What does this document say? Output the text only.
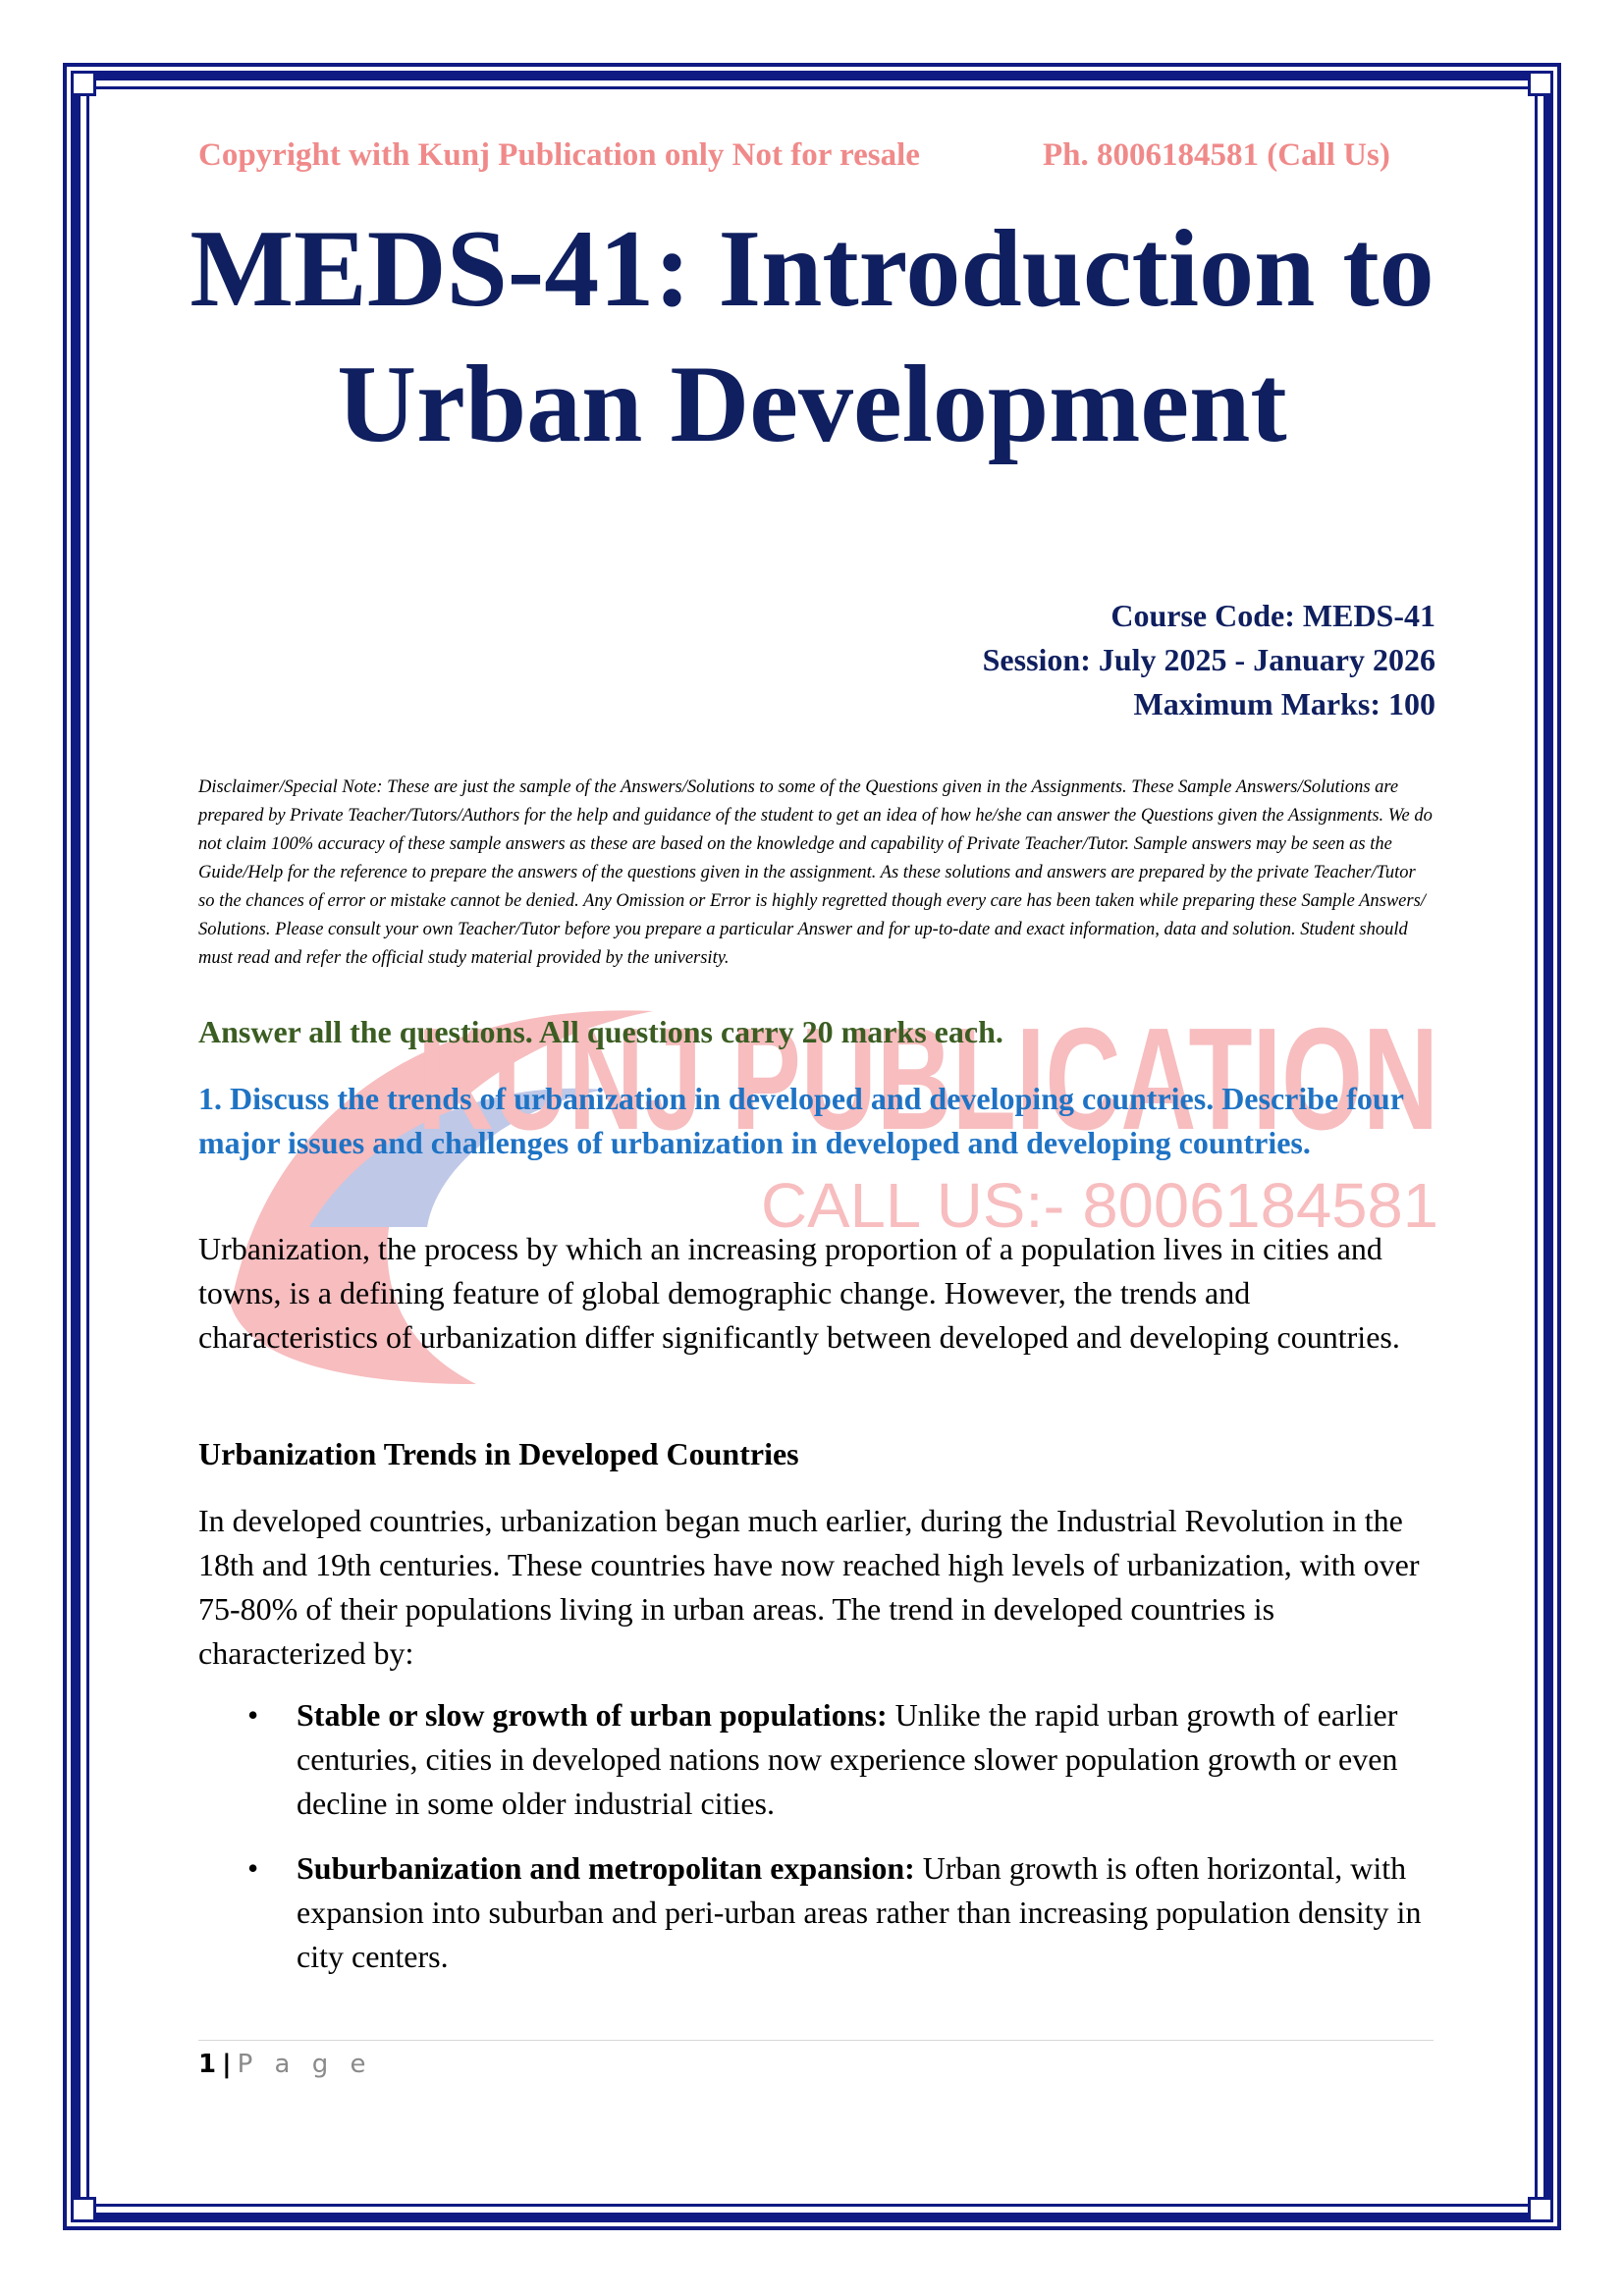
KUNJ PUBLICATION
CALL US:- 8006184581
Copyright with Kunj Publication only Not for resale	Ph. 8006184581 (Call Us)
MEDS-41: Introduction to
Urban Development
Course Code: MEDS-41
Session: July 2025 - January 2026
Maximum Marks: 100

Disclaimer/Special Note: These are just the sample of the Answers/Solutions to some of the Questions given in the Assignments. These Sample Answers/Solutions are prepared by Private Teacher/Tutors/Authors for the help and guidance of the student to get an idea of how he/she can answer the Questions given the Assignments. We do not claim 100% accuracy of these sample answers as these are based on the knowledge and capability of Private Teacher/Tutor. Sample answers may be seen as the Guide/Help for the reference to prepare the answers of the questions given in the assignment. As these solutions and answers are prepared by the private Teacher/Tutor so the chances of error or mistake cannot be denied. Any Omission or Error is highly regretted though every care has been taken while preparing these Sample Answers/ Solutions. Please consult your own Teacher/Tutor before you prepare a particular Answer and for up-to-date and exact information, data and solution. Student should must read and refer the official study material provided by the university.

Answer all the questions. All questions carry 20 marks each.

1. Discuss the trends of urbanization in developed and developing countries. Describe four major issues and challenges of urbanization in developed and developing countries.

Urbanization, the process by which an increasing proportion of a population lives in cities and towns, is a defining feature of global demographic change. However, the trends and characteristics of urbanization differ significantly between developed and developing countries.

Urbanization Trends in Developed Countries

In developed countries, urbanization began much earlier, during the Industrial Revolution in the 18th and 19th centuries. These countries have now reached high levels of urbanization, with over 75-80% of their populations living in urban areas. The trend in developed countries is characterized by:

• Stable or slow growth of urban populations: Unlike the rapid urban growth of earlier centuries, cities in developed nations now experience slower population growth or even decline in some older industrial cities.
• Suburbanization and metropolitan expansion: Urban growth is often horizontal, with expansion into suburban and peri-urban areas rather than increasing population density in city centers.
1 | P a g e
